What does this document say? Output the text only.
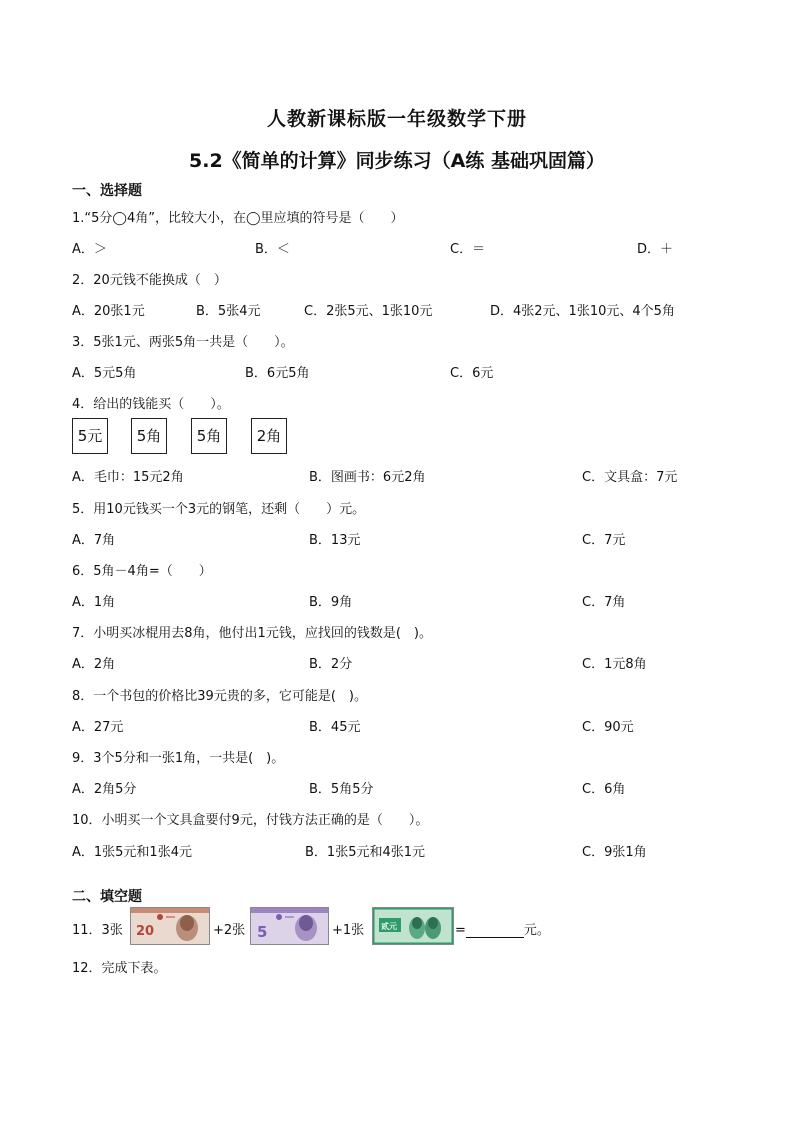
人教新课标版一年级数学下册
5.2《简单的计算》同步练习（A练 基础巩固篇）
一、选择题
1.“5分◯4角”，比较大小，在◯里应填的符号是（　　）
A．＞	B．＜	C．＝	D．＋
2．20元钱不能换成（　）
A．20张1元	B．5张4元	C．2张5元、1张10元	D．4张2元、1张10元、4个5角
3．5张1元、两张5角一共是（　　）。
A．5元5角	B．6元5角	C．6元
4．给出的钱能买（　　）。
5元	5角	5角	2角
A．毛巾：15元2角	B．图画书：6元2角	C．文具盒：7元
5．用10元钱买一个3元的钢笔，还剩（　　）元。
A．7角	B．13元	C．7元
6．5角－4角=（　　）
A．1角	B．9角	C．7角
7．小明买冰棍用去8角，他付出1元钱，应找回的钱数是(　)。
A．2角	B．2分	C．1元8角
8．一个书包的价格比39元贵的多，它可能是(　)。
A．27元	B．45元	C．90元
9．3个5分和一张1角，一共是(　)。
A．2角5分	B．5角5分	C．6角
10．小明买一个文具盒要付9元，付钱方法正确的是（　　）。
A．1张5元和1张4元	B．1张5元和4张1元	C．9张1角
二、填空题
11．3张 20	+2张 5	+1张 贰元	=	元。
12．完成下表。
